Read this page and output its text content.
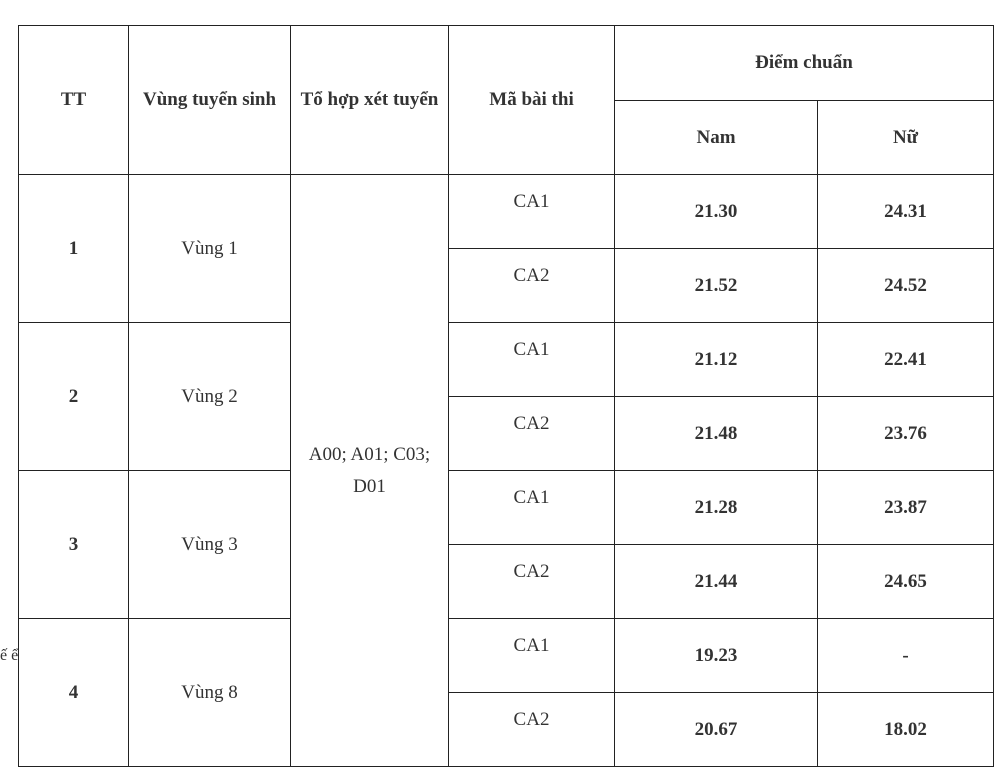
TT	Vùng tuyển sinh	Tổ hợp xét tuyển	Mã bài thi	Điểm chuẩn	
				Nam	Nữ
1	Vùng 1	A00; A01; C03; D01	CA1	21.30	24.31
			CA2	21.52	24.52
2	Vùng 2		CA1	21.12	22.41
			CA2	21.48	23.76
3	Vùng 3		CA1	21.28	23.87
			CA2	21.44	24.65
4	Vùng 8		CA1	19.23	-
			CA2	20.67	18.02
ế ể
